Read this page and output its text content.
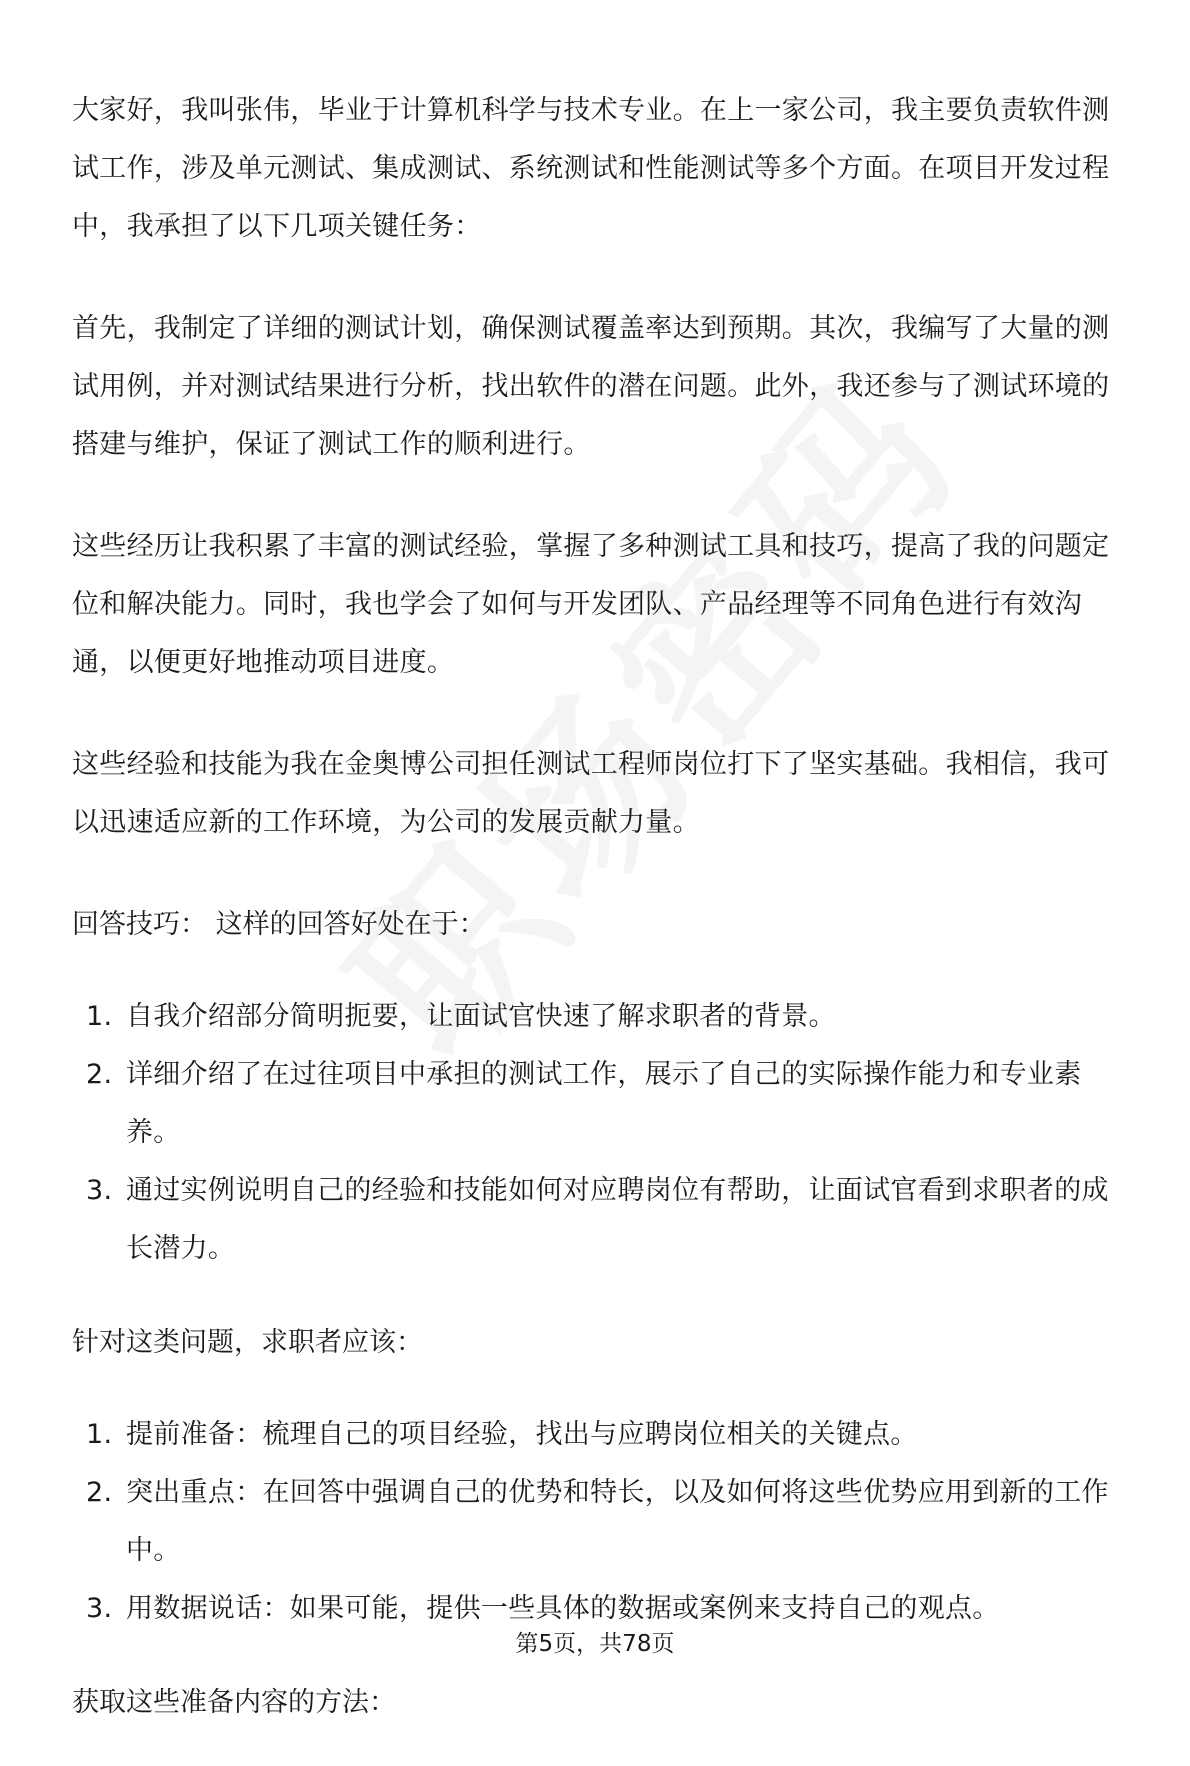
大家好，我叫张伟，毕业于计算机科学与技术专业。在上一家公司，我主要负责软件测试工作，涉及单元测试、集成测试、系统测试和性能测试等多个方面。在项目开发过程中，我承担了以下几项关键任务：

首先，我制定了详细的测试计划，确保测试覆盖率达到预期。其次，我编写了大量的测试用例，并对测试结果进行分析，找出软件的潜在问题。此外，我还参与了测试环境的搭建与维护，保证了测试工作的顺利进行。

这些经历让我积累了丰富的测试经验，掌握了多种测试工具和技巧，提高了我的问题定位和解决能力。同时，我也学会了如何与开发团队、产品经理等不同角色进行有效沟通，以便更好地推动项目进度。

这些经验和技能为我在金奥博公司担任测试工程师岗位打下了坚实基础。我相信，我可以迅速适应新的工作环境，为公司的发展贡献力量。

回答技巧： 这样的回答好处在于：

1. 自我介绍部分简明扼要，让面试官快速了解求职者的背景。
2. 详细介绍了在过往项目中承担的测试工作，展示了自己的实际操作能力和专业素养。
3. 通过实例说明自己的经验和技能如何对应聘岗位有帮助，让面试官看到求职者的成长潜力。

针对这类问题，求职者应该：

1. 提前准备：梳理自己的项目经验，找出与应聘岗位相关的关键点。
2. 突出重点：在回答中强调自己的优势和特长，以及如何将这些优势应用到新的工作中。
3. 用数据说话：如果可能，提供一些具体的数据或案例来支持自己的观点。

获取这些准备内容的方法：

第5页，共78页
